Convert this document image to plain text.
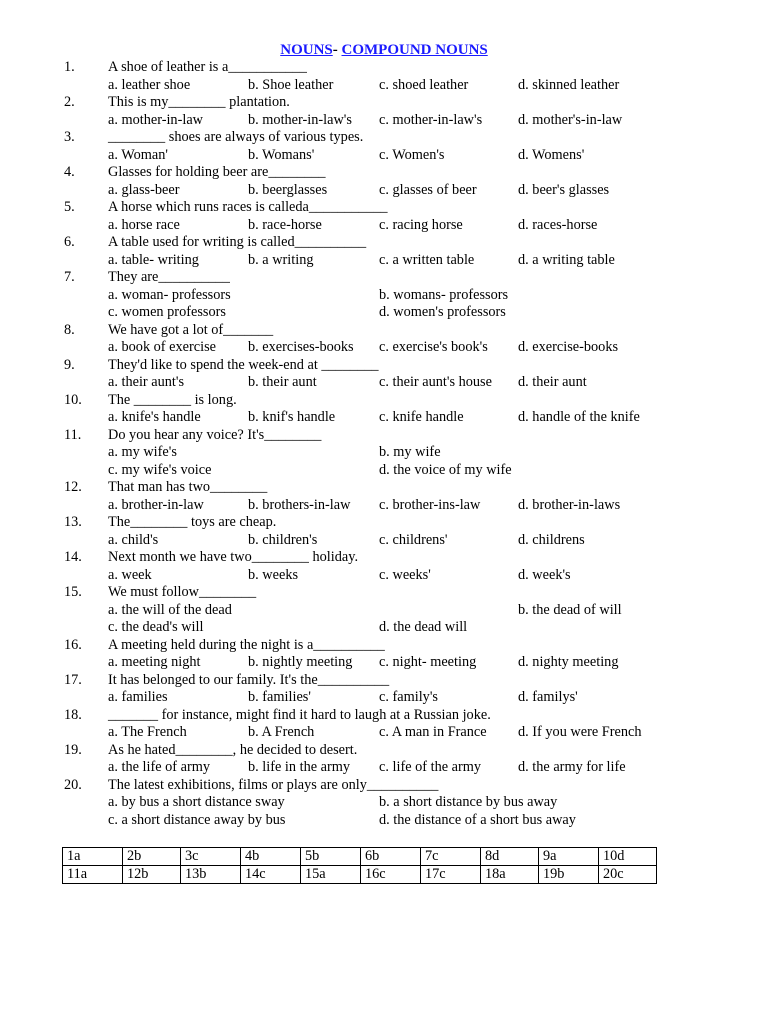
NOUNS- COMPOUND NOUNS
1.	A shoe of leather is a___________
a. leather shoe	b. Shoe leather	c. shoed leather	d. skinned leather
2.	This is my________ plantation.
a. mother-in-law	b. mother-in-law's c. mother-in-law's	d. mother's-in-law
3.	________ shoes are always of various types.
a. Woman'	b. Womans'	c. Women's	d. Womens'
4.	Glasses for holding beer are________
a. glass-beer	b. beerglasses	c. glasses of beer	d. beer's glasses
5.	A horse which runs races is calleda___________
a. horse race	b. race-horse	c. racing horse	d. races-horse
6.	A table used for writing is called__________
a. table- writing	b. a writing	c. a written table	d. a writing table
7.	They are__________
a. woman- professors	b. womans- professors
c. women professors	d. women's professors
8.	We have got a lot of_______
a. book of exercise b. exercises-books c. exercise's book's d. exercise-books
9.	They'd like to spend the week-end at ________
a. their aunt's	b. their aunt	c. their aunt's house d. their aunt
10.	The ________ is long.
a. knife's handle	b. knif's handle	c. knife handle	d. handle of the knife
11.	Do you hear any voice? It's________
a. my wife's	b. my wife
c. my wife's voice	d. the voice of my wife
12.	That man has two________
a. brother-in-law	b. brothers-in-law c. brother-ins-law	d. brother-in-laws
13.	The________ toys are cheap.
a. child's	b. children's	c. childrens'	d. childrens
14.	Next month we have two________ holiday.
a. week	b. weeks	c. weeks'	d. week's
15.	We must follow________
a. the will of the dead	b. the dead of will
c. the dead's will	d. the dead will
16.	A meeting held during the night is a__________
a. meeting night	b. nightly meeting c. night- meeting	d. nighty meeting
17.	It has belonged to our family. It's the__________
a. families	b. families'	c. family's	d. familys'
18.	_______ for instance, might find it hard to laugh at a Russian joke.
a. The French	b. A French	c. A man in France d. If you were French
19.	As he hated________, he decided to desert.
a. the life of army	b. life in the army c. life of the army	d. the army for life
20.	The latest exhibitions, films or plays are only__________
a. by bus a short distance sway	b. a short distance by bus away
c. a short distance away by bus	d. the distance of a short bus away
1a	2b	3c	4b	5b	6b	7c	8d	9a	10d
11a	12b	13b	14c	15a	16c	17c	18a	19b	20c
